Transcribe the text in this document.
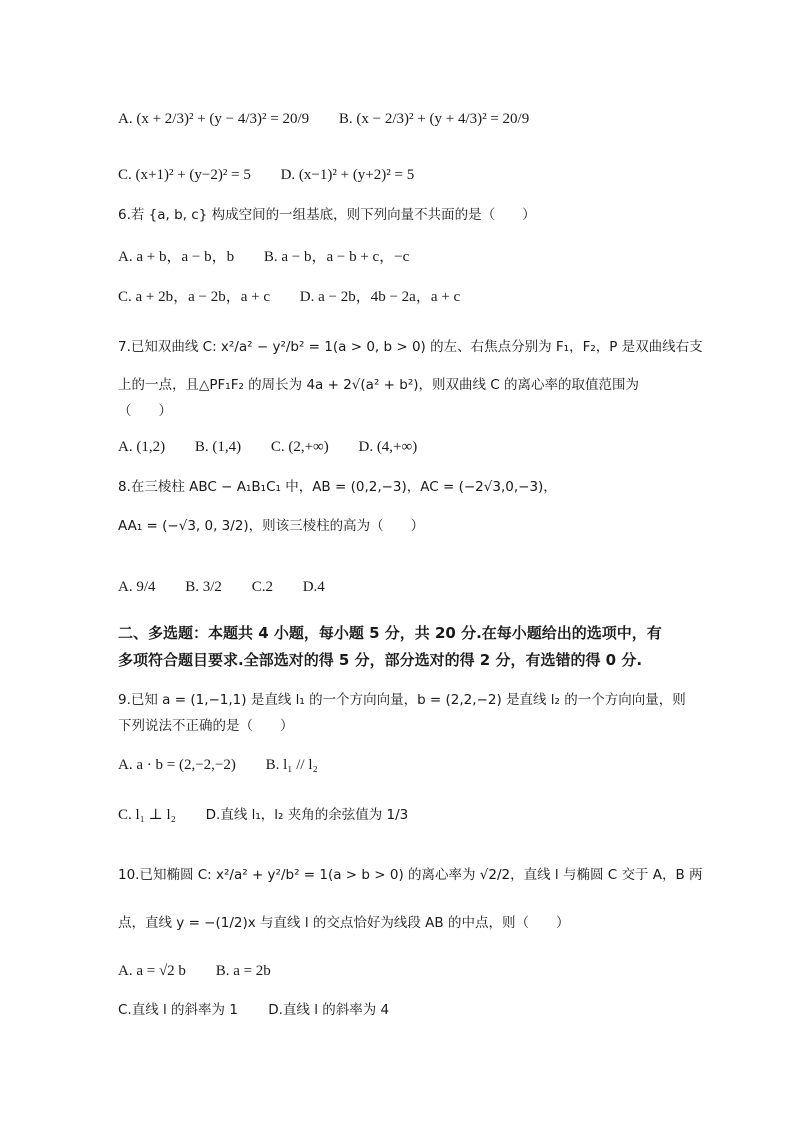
A. (x + 2/3)² + (y − 4/3)² = 20/9 B. (x − 2/3)² + (y + 4/3)² = 20/9
C. (x+1)² + (y−2)² = 5 D. (x−1)² + (y+2)² = 5
6.若 {a, b, c} 构成空间的一组基底，则下列向量不共面的是（　　）
A. a + b，a − b，b B. a − b，a − b + c，−c
C. a + 2b，a − 2b，a + c D. a − 2b，4b − 2a，a + c
7.已知双曲线 C: x²/a² − y²/b² = 1(a > 0, b > 0) 的左、右焦点分别为 F₁，F₂，P 是双曲线右支
上的一点，且△PF₁F₂ 的周长为 4a + 2√(a² + b²)，则双曲线 C 的离心率的取值范围为
（　　）
A. (1,2) B. (1,4) C. (2,+∞) D. (4,+∞)
8.在三棱柱 ABC − A₁B₁C₁ 中，AB = (0,2,−3)，AC = (−2√3,0,−3)，
AA₁ = (−√3, 0, 3/2)，则该三棱柱的高为（　　）
A. 9/4 B. 3/2 C.2 D.4
二、多选题：本题共 4 小题，每小题 5 分，共 20 分.在每小题给出的选项中，有
多项符合题目要求.全部选对的得 5 分，部分选对的得 2 分，有选错的得 0 分.
9.已知 a = (1,−1,1) 是直线 l₁ 的一个方向向量，b = (2,2,−2) 是直线 l₂ 的一个方向向量，则
下列说法不正确的是（　　）
A. a · b = (2,−2,−2) B. l₁ // l₂
C. l₁ ⊥ l₂ D.直线 l₁，l₂ 夹角的余弦值为 1/3
10.已知椭圆 C: x²/a² + y²/b² = 1(a > b > 0) 的离心率为 √2/2，直线 l 与椭圆 C 交于 A，B 两
点，直线 y = −(1/2)x 与直线 l 的交点恰好为线段 AB 的中点，则（　　）
A. a = √2 b B. a = 2b
C.直线 l 的斜率为 1 D.直线 l 的斜率为 4
